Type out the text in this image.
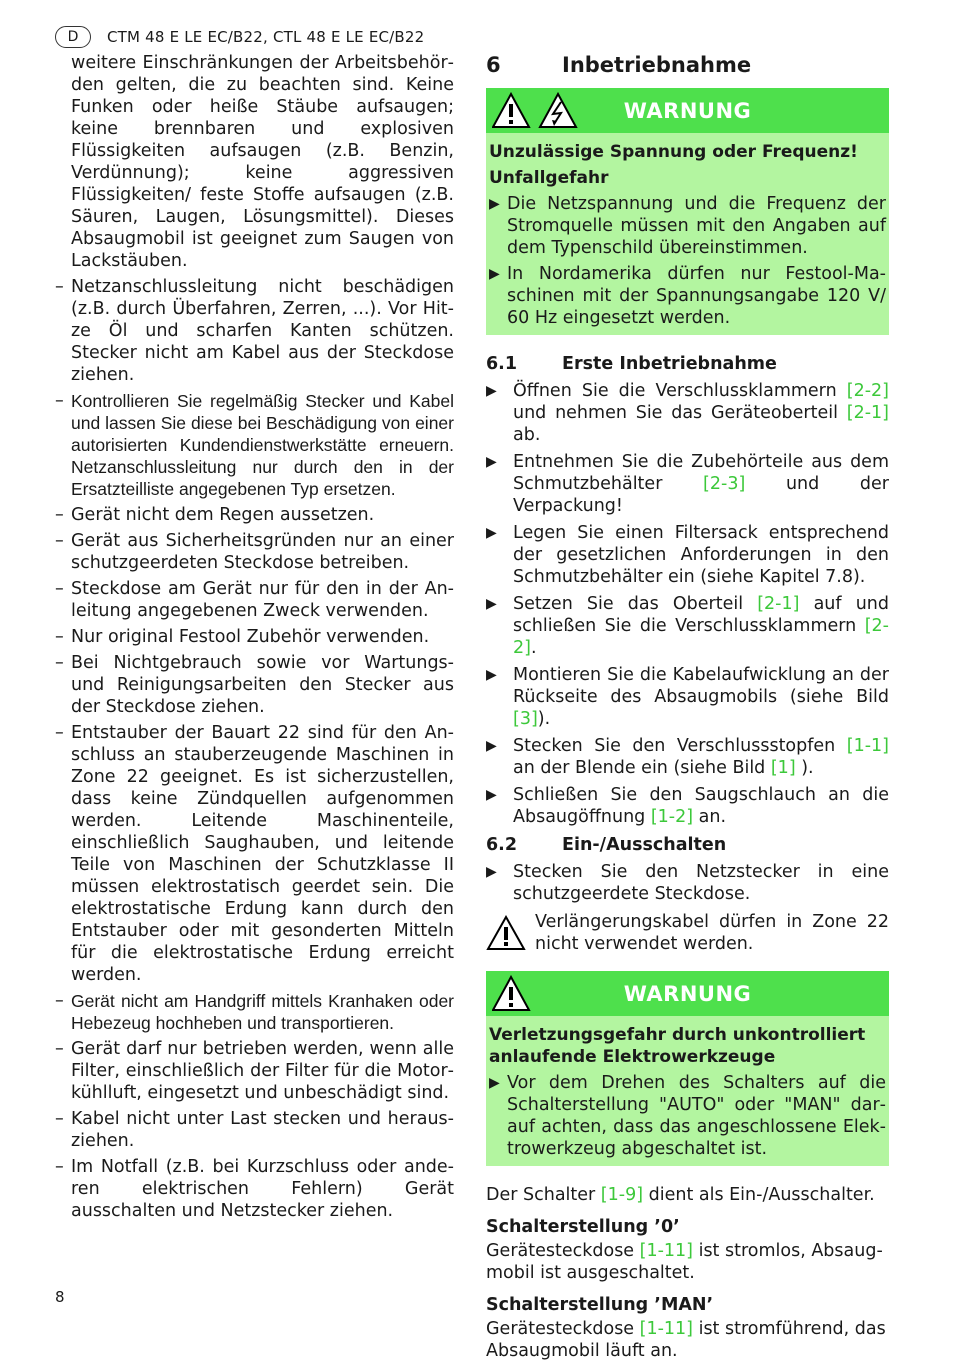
D	CTM 48 E LE EC/B22, CTL 48 E LE EC/B22
weitere Einschränkungen der Arbeitsbehörden gelten, die zu beachten sind. Keine Funken oder heiße Stäube aufsaugen; keine brennbaren und explosiven Flüssigkeiten aufsaugen (z.B. Benzin, Verdünnung); keine aggressiven Flüssigkeiten/ feste Stoffe aufsaugen (z.B. Säuren, Laugen, Lösungsmittel). Dieses Absaugmobil ist geeignet zum Saugen von Lackstäuben.
– Netzanschlussleitung nicht beschädigen (z.B. durch Überfahren, Zerren, ...). Vor Hitze Öl und scharfen Kanten schützen. Stecker nicht am Kabel aus der Steckdose ziehen.
– Kontrollieren Sie regelmäßig Stecker und Kabel und lassen Sie diese bei Beschädigung von einer autorisierten Kundendienstwerkstätte erneuern. Netzanschlussleitung nur durch den in der Ersatzteilliste angegebenen Typ ersetzen.
– Gerät nicht dem Regen aussetzen.
– Gerät aus Sicherheitsgründen nur an einer schutzgeerdeten Steckdose betreiben.
– Steckdose am Gerät nur für den in der Anleitung angegebenen Zweck verwenden.
– Nur original Festool Zubehör verwenden.
– Bei Nichtgebrauch sowie vor Wartungs- und Reinigungsarbeiten den Stecker aus der Steckdose ziehen.
– Entstauber der Bauart 22 sind für den Anschluss an stauberzeugende Maschinen in Zone 22 geeignet. Es ist sicherzustellen, dass keine Zündquellen aufgenommen werden. Leitende Maschinenteile, einschließlich Saughauben, und leitende Teile von Maschinen der Schutzklasse II müssen elektrostatisch geerdet sein. Die elektrostatische Erdung kann durch den Entstauber oder mit gesonderten Mitteln für die elektrostatische Erdung erreicht werden.
– Gerät nicht am Handgriff mittels Kranhaken oder Hebezeug hochheben und transportieren.
– Gerät darf nur betrieben werden, wenn alle Filter, einschließlich der Filter für die Motorkühlluft, eingesetzt und unbeschädigt sind.
– Kabel nicht unter Last stecken und herausziehen.
– Im Notfall (z.B. bei Kurzschluss oder anderen elektrischen Fehlern) Gerät ausschalten und Netzstecker ziehen.
6	Inbetriebnahme
WARNUNG
Unzulässige Spannung oder Frequenz!
Unfallgefahr
▶ Die Netzspannung und die Frequenz der Stromquelle müssen mit den Angaben auf dem Typenschild übereinstimmen.
▶ In Nordamerika dürfen nur Festool-Maschinen mit der Spannungsangabe 120 V/ 60 Hz eingesetzt werden.
6.1	Erste Inbetriebnahme
▶ Öffnen Sie die Verschlussklammern [2-2] und nehmen Sie das Geräteoberteil [2-1] ab.
▶ Entnehmen Sie die Zubehörteile aus dem Schmutzbehälter [2-3] und der Verpackung!
▶ Legen Sie einen Filtersack entsprechend der gesetzlichen Anforderungen in den Schmutzbehälter ein (siehe Kapitel 7.8).
▶ Setzen Sie das Oberteil [2-1] auf und schließen Sie die Verschlussklammern [2-2].
▶ Montieren Sie die Kabelaufwicklung an der Rückseite des Absaugmobils (siehe Bild [3]).
▶ Stecken Sie den Verschlussstopfen [1-1] an der Blende ein (siehe Bild [1] ).
▶ Schließen Sie den Saugschlauch an die Absaugöffnung [1-2] an.
6.2	Ein-/Ausschalten
▶ Stecken Sie den Netzstecker in eine schutzgeerdete Steckdose.
Verlängerungskabel dürfen in Zone 22 nicht verwendet werden.
WARNUNG
Verletzungsgefahr durch unkontrolliert anlaufende Elektrowerkzeuge
▶ Vor dem Drehen des Schalters auf die Schalterstellung "AUTO" oder "MAN" darauf achten, dass das angeschlossene Elektrowerkzeug abgeschaltet ist.
Der Schalter [1-9] dient als Ein-/Ausschalter.
Schalterstellung ’0’
Gerätesteckdose [1-11] ist stromlos, Absaugmobil ist ausgeschaltet.
Schalterstellung ’MAN’
Gerätesteckdose [1-11] ist stromführend, das Absaugmobil läuft an.
8
